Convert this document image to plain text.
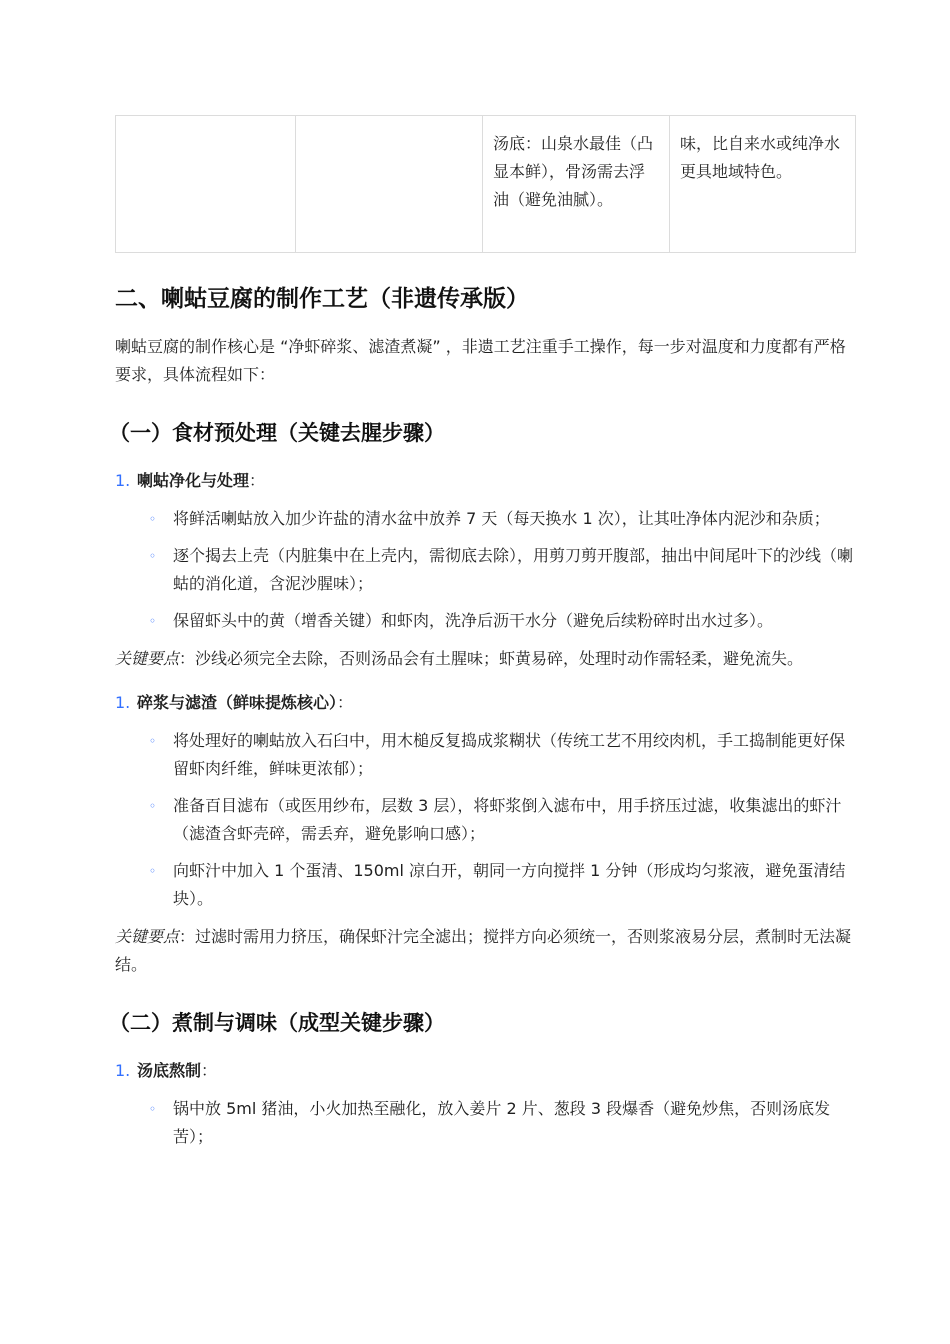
		汤底：山泉水最佳（凸显本鲜），骨汤需去浮油（避免油腻）。	味，比自来水或纯净水更具地域特色。
二、喇蛄豆腐的制作工艺（非遗传承版）

喇蛄豆腐的制作核心是 “净虾碎浆、滤渣煮凝” ，非遗工艺注重手工操作，每一步对温度和力度都有严格要求，具体流程如下：

（一）食材预处理（关键去腥步骤）
1. 喇蛄净化与处理：
◦ 将鲜活喇蛄放入加少许盐的清水盆中放养 7 天（每天换水 1 次），让其吐净体内泥沙和杂质；
◦ 逐个揭去上壳（内脏集中在上壳内，需彻底去除），用剪刀剪开腹部，抽出中间尾叶下的沙线（喇蛄的消化道，含泥沙腥味）；
◦ 保留虾头中的黄（增香关键）和虾肉，洗净后沥干水分（避免后续粉碎时出水过多）。

关键要点：沙线必须完全去除，否则汤品会有土腥味；虾黄易碎，处理时动作需轻柔，避免流失。

1. 碎浆与滤渣（鲜味提炼核心）：
◦ 将处理好的喇蛄放入石臼中，用木槌反复捣成浆糊状（传统工艺不用绞肉机，手工捣制能更好保留虾肉纤维，鲜味更浓郁）；
◦ 准备百目滤布（或医用纱布，层数 3 层），将虾浆倒入滤布中，用手挤压过滤，收集滤出的虾汁（滤渣含虾壳碎，需丢弃，避免影响口感）；
◦ 向虾汁中加入 1 个蛋清、150ml 凉白开，朝同一方向搅拌 1 分钟（形成均匀浆液，避免蛋清结块）。

关键要点：过滤时需用力挤压，确保虾汁完全滤出；搅拌方向必须统一，否则浆液易分层，煮制时无法凝结。

（二）煮制与调味（成型关键步骤）
1. 汤底熬制：
◦ 锅中放 5ml 猪油，小火加热至融化，放入姜片 2 片、葱段 3 段爆香（避免炒焦，否则汤底发苦）；
